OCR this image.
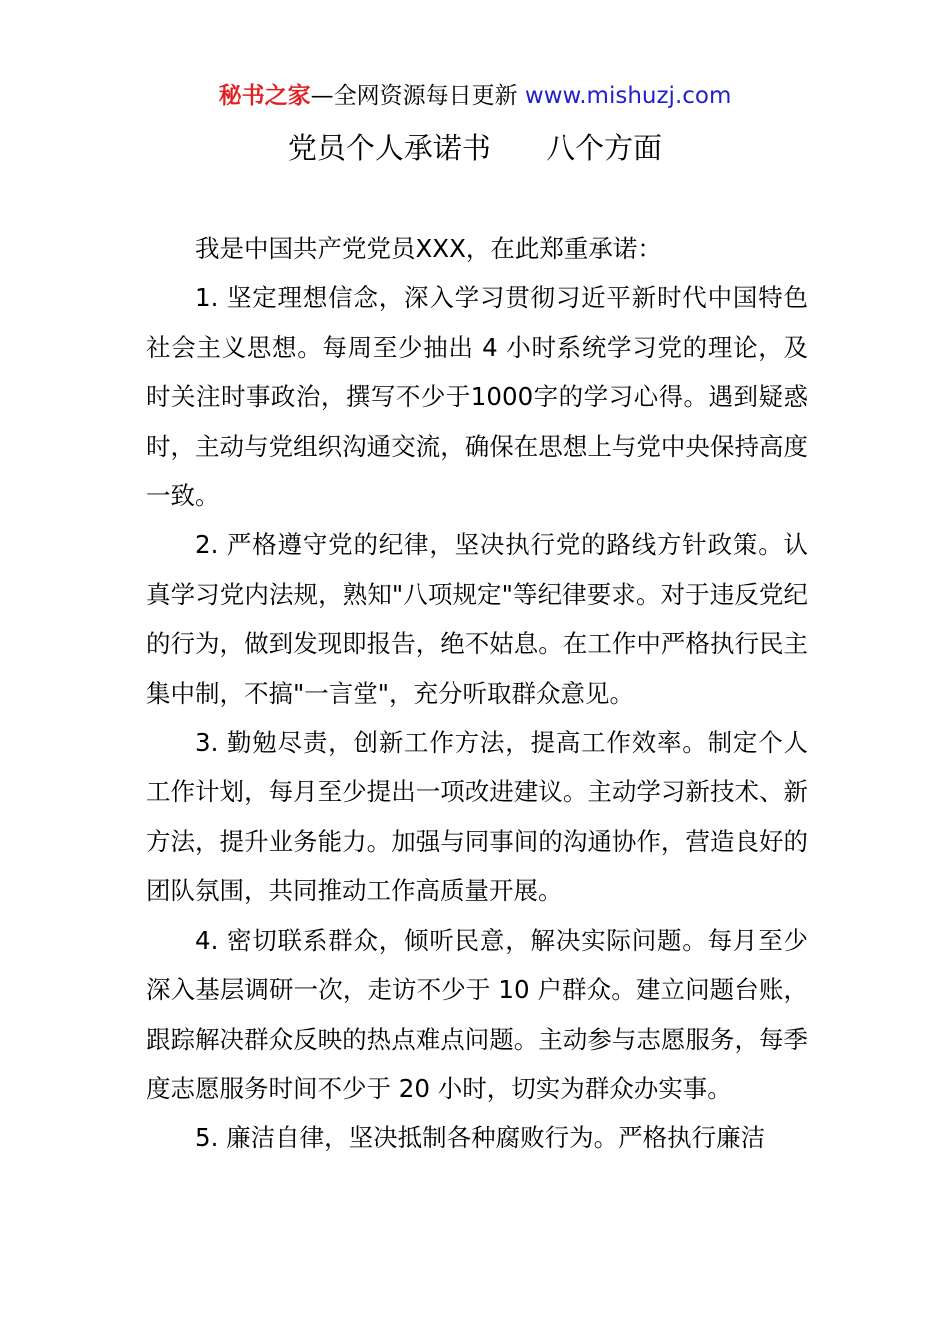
秘书之家—全网资源每日更新 www.mishuzj.com
党员个人承诺书      八个方面

我是中国共产党党员XXX，在此郑重承诺：

1. 坚定理想信念，深入学习贯彻习近平新时代中国特色社会主义思想。每周至少抽出 4 小时系统学习党的理论，及时关注时事政治，撰写不少于1000字的学习心得。遇到疑惑时，主动与党组织沟通交流，确保在思想上与党中央保持高度一致。

2. 严格遵守党的纪律，坚决执行党的路线方针政策。认真学习党内法规，熟知"八项规定"等纪律要求。对于违反党纪的行为，做到发现即报告，绝不姑息。在工作中严格执行民主集中制，不搞"一言堂"，充分听取群众意见。

3. 勤勉尽责，创新工作方法，提高工作效率。制定个人工作计划，每月至少提出一项改进建议。主动学习新技术、新方法，提升业务能力。加强与同事间的沟通协作，营造良好的团队氛围，共同推动工作高质量开展。

4. 密切联系群众，倾听民意，解决实际问题。每月至少深入基层调研一次，走访不少于 10 户群众。建立问题台账，跟踪解决群众反映的热点难点问题。主动参与志愿服务，每季度志愿服务时间不少于 20 小时，切实为群众办实事。

5. 廉洁自律，坚决抵制各种腐败行为。严格执行廉洁
